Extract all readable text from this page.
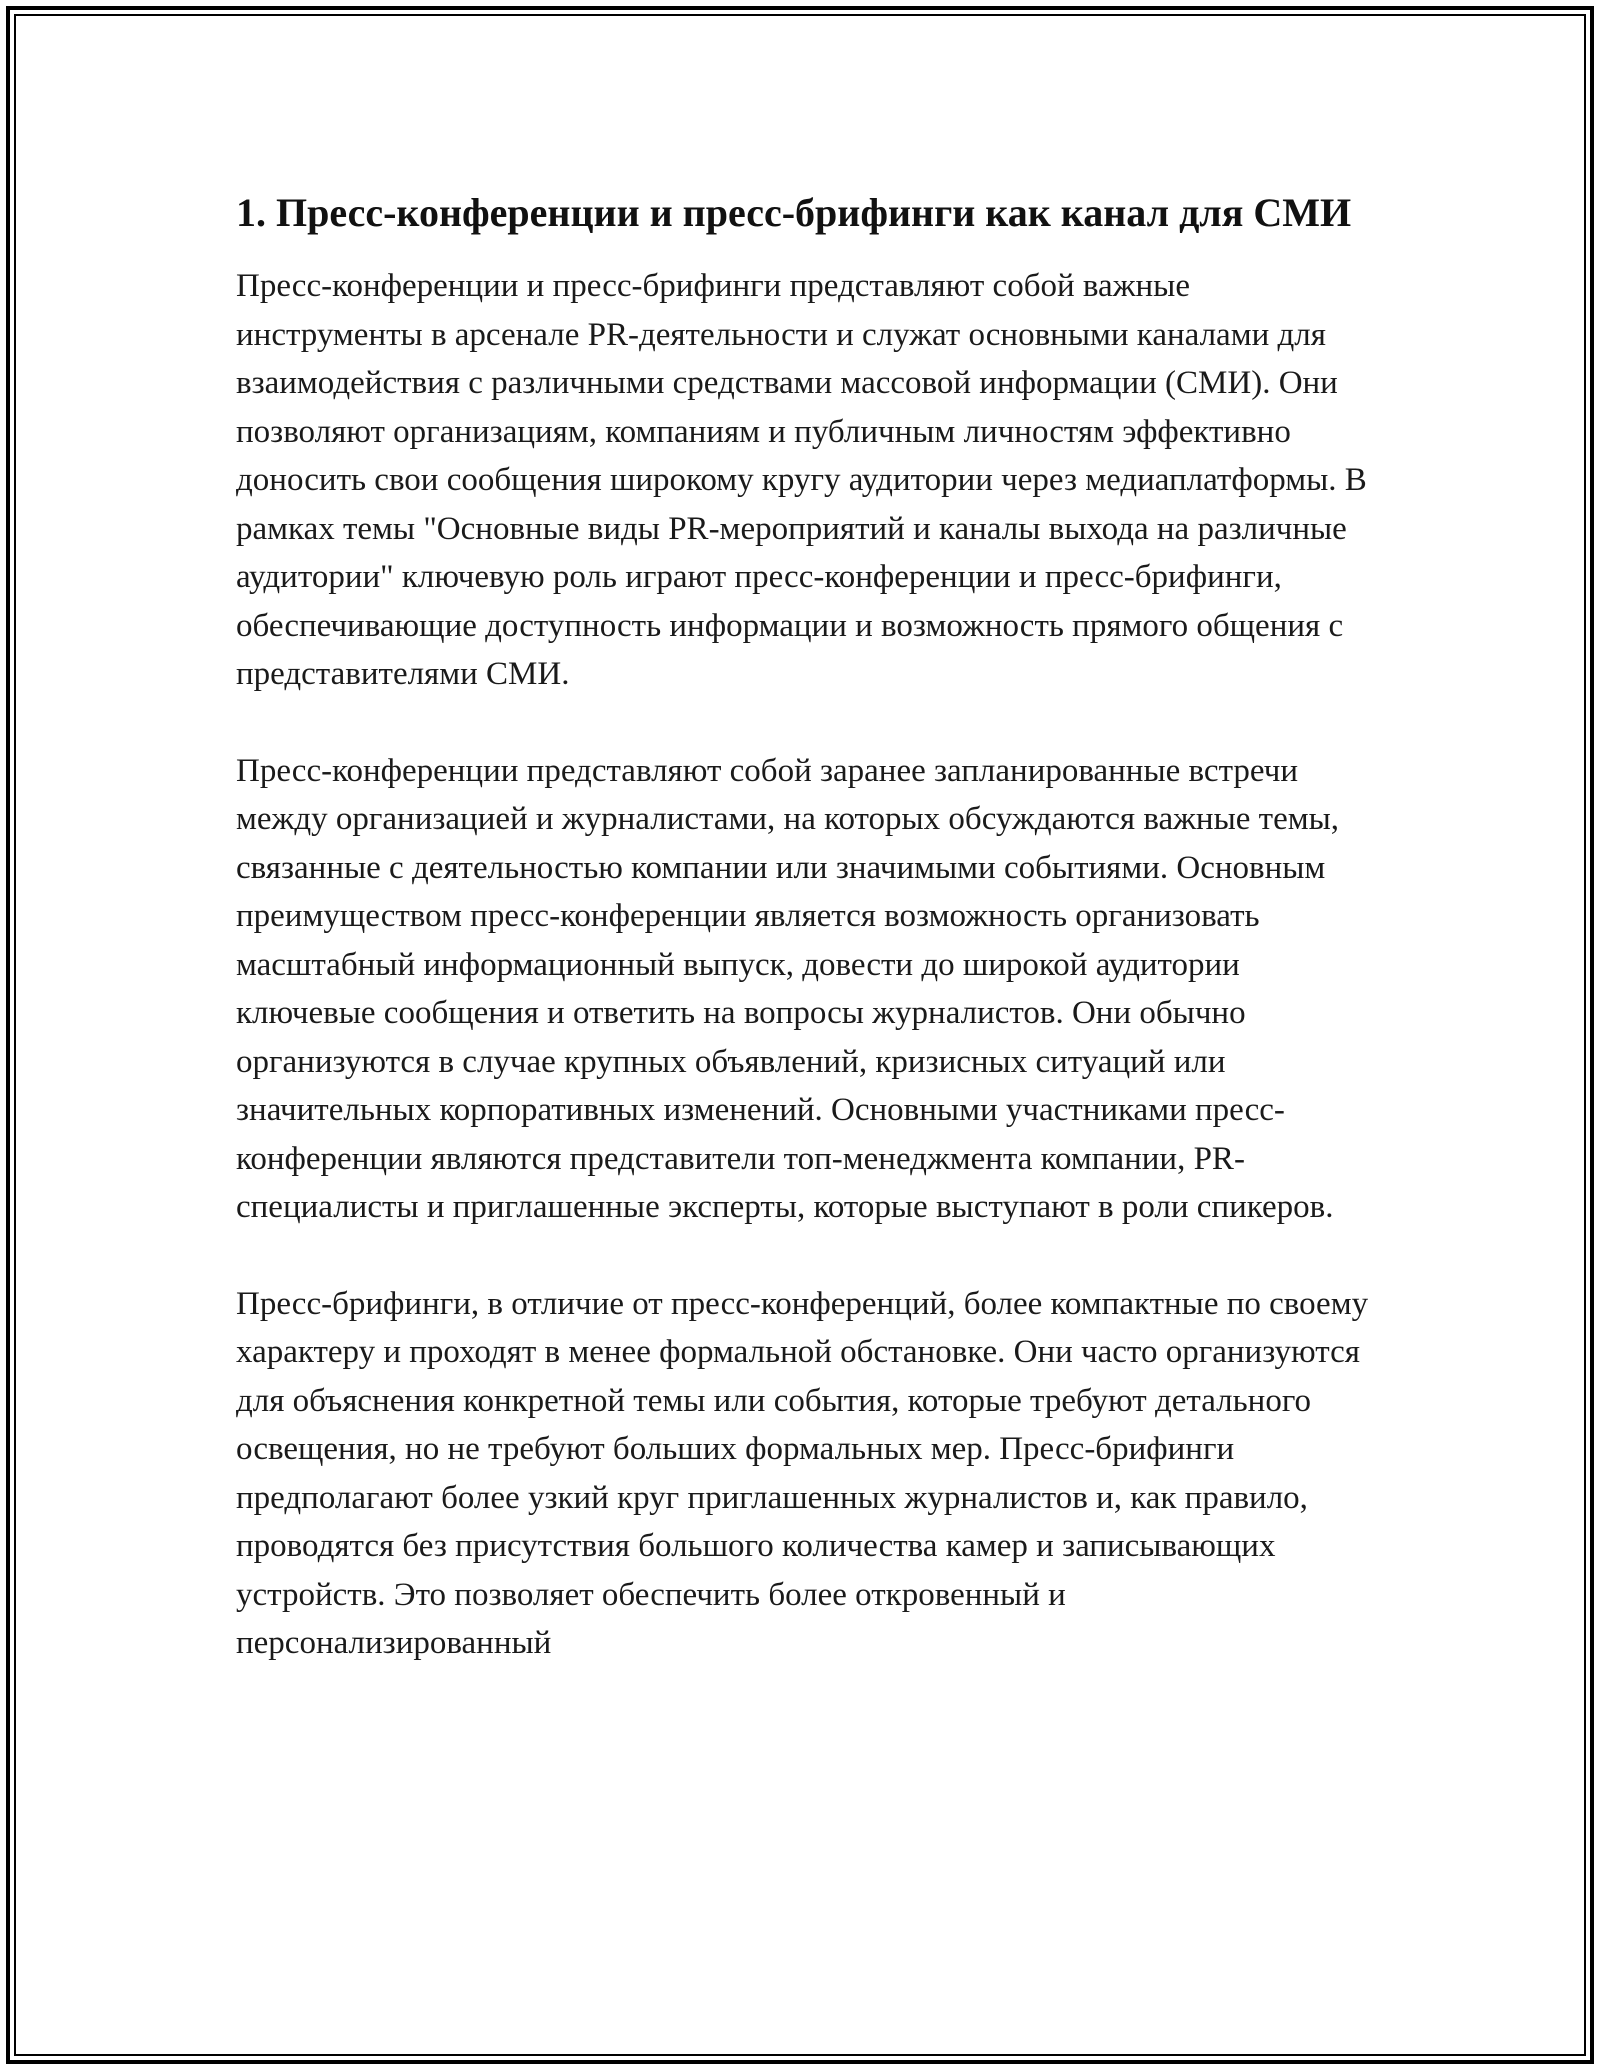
1. Пресс-конференции и пресс-брифинги как канал для СМИ

Пресс-конференции и пресс-брифинги представляют собой важные инструменты в арсенале PR-деятельности и служат основными каналами для взаимодействия с различными средствами массовой информации (СМИ). Они позволяют организациям, компаниям и публичным личностям эффективно доносить свои сообщения широкому кругу аудитории через медиаплатформы. В рамках темы "Основные виды PR-мероприятий и каналы выхода на различные аудитории" ключевую роль играют пресс-конференции и пресс-брифинги, обеспечивающие доступность информации и возможность прямого общения с представителями СМИ.

Пресс-конференции представляют собой заранее запланированные встречи между организацией и журналистами, на которых обсуждаются важные темы, связанные с деятельностью компании или значимыми событиями. Основным преимуществом пресс-конференции является возможность организовать масштабный информационный выпуск, довести до широкой аудитории ключевые сообщения и ответить на вопросы журналистов. Они обычно организуются в случае крупных объявлений, кризисных ситуаций или значительных корпоративных изменений. Основными участниками пресс-конференции являются представители топ-менеджмента компании, PR-специалисты и приглашенные эксперты, которые выступают в роли спикеров.

Пресс-брифинги, в отличие от пресс-конференций, более компактные по своему характеру и проходят в менее формальной обстановке. Они часто организуются для объяснения конкретной темы или события, которые требуют детального освещения, но не требуют больших формальных мер. Пресс-брифинги предполагают более узкий круг приглашенных журналистов и, как правило, проводятся без присутствия большого количества камер и записывающих устройств. Это позволяет обеспечить более откровенный и персонализированный
